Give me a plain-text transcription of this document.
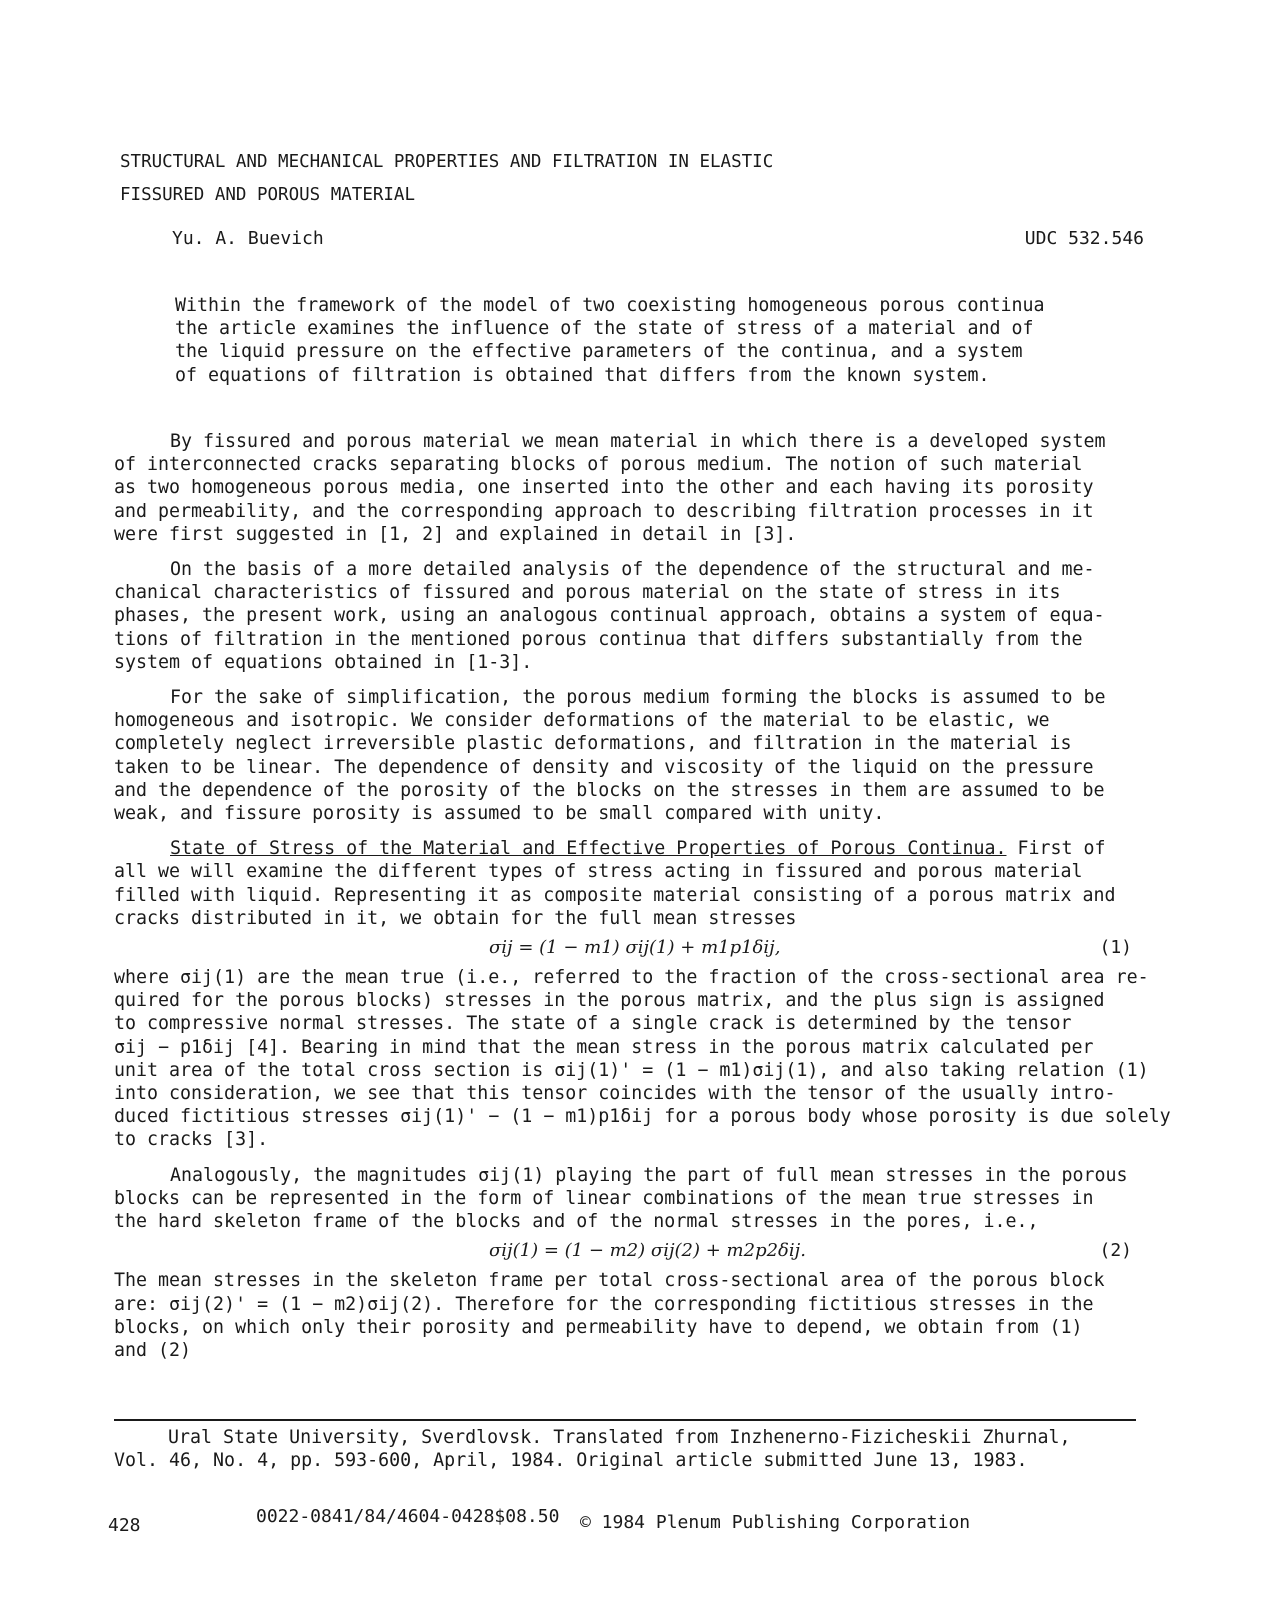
STRUCTURAL AND MECHANICAL PROPERTIES AND FILTRATION IN ELASTIC
FISSURED AND POROUS MATERIAL
Yu. A. Buevich	UDC 532.546
Within the framework of the model of two coexisting homogeneous porous continua
the article examines the influence of the state of stress of a material and of
the liquid pressure on the effective parameters of the continua, and a system
of equations of filtration is obtained that differs from the known system.
By fissured and porous material we mean material in which there is a developed system
of interconnected cracks separating blocks of porous medium. The notion of such material
as two homogeneous porous media, one inserted into the other and each having its porosity
and permeability, and the corresponding approach to describing filtration processes in it
were first suggested in [1, 2] and explained in detail in [3].
On the basis of a more detailed analysis of the dependence of the structural and me-
chanical characteristics of fissured and porous material on the state of stress in its
phases, the present work, using an analogous continual approach, obtains a system of equa-
tions of filtration in the mentioned porous continua that differs substantially from the
system of equations obtained in [1-3].
For the sake of simplification, the porous medium forming the blocks is assumed to be
homogeneous and isotropic. We consider deformations of the material to be elastic, we
completely neglect irreversible plastic deformations, and filtration in the material is
taken to be linear. The dependence of density and viscosity of the liquid on the pressure
and the dependence of the porosity of the blocks on the stresses in them are assumed to be
weak, and fissure porosity is assumed to be small compared with unity.
State of Stress of the Material and Effective Properties of Porous Continua. First of
all we will examine the different types of stress acting in fissured and porous material
filled with liquid. Representing it as composite material consisting of a porous matrix and
cracks distributed in it, we obtain for the full mean stresses
σij = (1 − m1) σij(1) + m1p1δij,	(1)
where σij(1) are the mean true (i.e., referred to the fraction of the cross-sectional area re-
quired for the porous blocks) stresses in the porous matrix, and the plus sign is assigned
to compressive normal stresses. The state of a single crack is determined by the tensor
σij − p1δij [4]. Bearing in mind that the mean stress in the porous matrix calculated per
unit area of the total cross section is σij(1)' = (1 − m1)σij(1), and also taking relation (1)
into consideration, we see that this tensor coincides with the tensor of the usually intro-
duced fictitious stresses σij(1)' − (1 − m1)p1δij for a porous body whose porosity is due solely
to cracks [3].
Analogously, the magnitudes σij(1) playing the part of full mean stresses in the porous
blocks can be represented in the form of linear combinations of the mean true stresses in
the hard skeleton frame of the blocks and of the normal stresses in the pores, i.e.,
σij(1) = (1 − m2) σij(2) + m2p2δij.	(2)
The mean stresses in the skeleton frame per total cross-sectional area of the porous block
are: σij(2)' = (1 − m2)σij(2). Therefore for the corresponding fictitious stresses in the
blocks, on which only their porosity and permeability have to depend, we obtain from (1)
and (2)
Ural State University, Sverdlovsk. Translated from Inzhenerno-Fizicheskii Zhurnal,
Vol. 46, No. 4, pp. 593-600, April, 1984. Original article submitted June 13, 1983.
428	0022-0841/84/4604-0428$08.50 © 1984 Plenum Publishing Corporation
